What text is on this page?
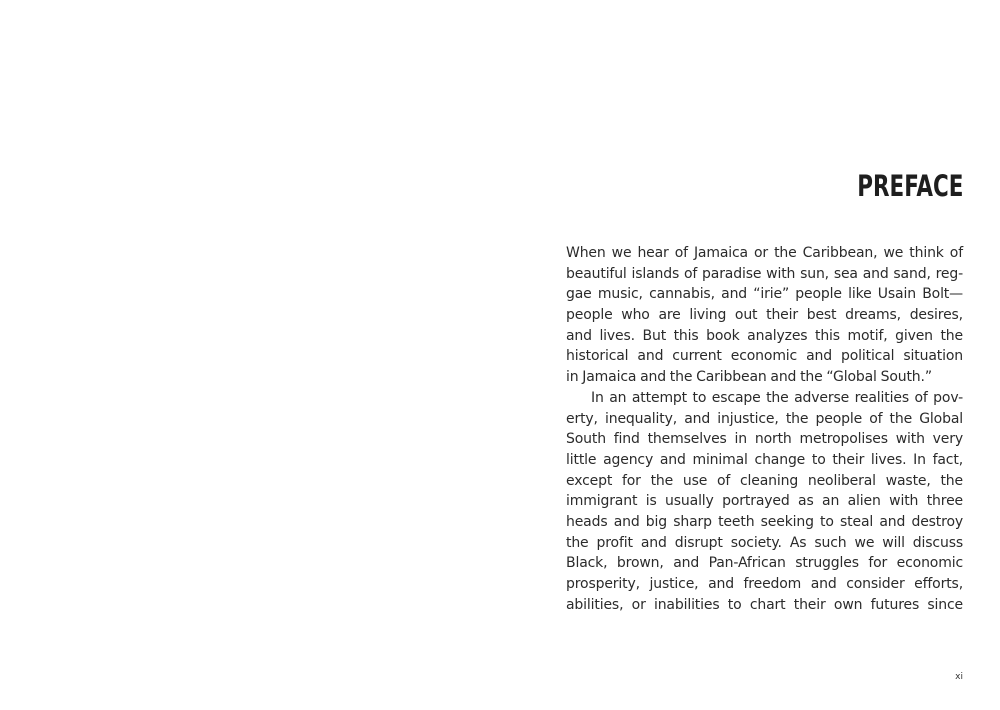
PREFACE
When we hear of Jamaica or the Caribbean, we think of
beautiful islands of paradise with sun, sea and sand, reg-
gae music, cannabis, and “irie” people like Usain Bolt—
people who are living out their best dreams, desires,
and lives. But this book analyzes this motif, given the
historical and current economic and political situation
in Jamaica and the Caribbean and the “Global South.”
In an attempt to escape the adverse realities of pov-
erty, inequality, and injustice, the people of the Global
South find themselves in north metropolises with very
little agency and minimal change to their lives. In fact,
except for the use of cleaning neoliberal waste, the
immigrant is usually portrayed as an alien with three
heads and big sharp teeth seeking to steal and destroy
the profit and disrupt society. As such we will discuss
Black, brown, and Pan-African struggles for economic
prosperity, justice, and freedom and consider efforts,
abilities, or inabilities to chart their own futures since
xi
